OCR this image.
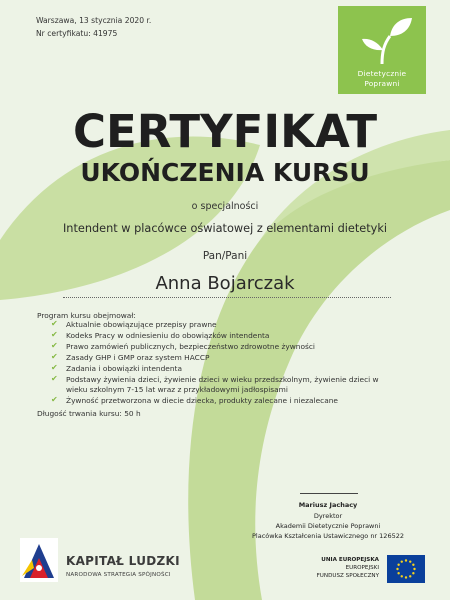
Warszawa, 13 stycznia 2020 r.
Nr certyfikatu: 41975
Dietetycznie
Poprawni
CERTYFIKAT
UKOŃCZENIA KURSU
o specjalności
Intendent w placówce oświatowej z elementami dietetyki
Pan/Pani
Anna Bojarczak
Program kursu obejmował:
✔ Aktualnie obowiązujące przepisy prawne
✔ Kodeks Pracy w odniesieniu do obowiązków intendenta
✔ Prawo zamówień publicznych, bezpieczeństwo zdrowotne żywności
✔ Zasady GHP i GMP oraz system HACCP
✔ Zadania i obowiązki intendenta
✔ Podstawy żywienia dzieci, żywienie dzieci w wieku przedszkolnym, żywienie dzieci w wieku szkolnym 7-15 lat wraz z przykładowymi jadłospisami
✔ Żywność przetworzona w diecie dziecka, produkty zalecane i niezalecane
Długość trwania kursu: 50 h
Mariusz Jachacy
Dyrektor
Akademii Dietetycznie Poprawni
Placówka Kształcenia Ustawicznego nr 126522
KAPITAŁ LUDZKI
NARODOWA STRATEGIA SPÓJNOŚCI
UNIA EUROPEJSKA
EUROPEJSKI
FUNDUSZ SPOŁECZNY
